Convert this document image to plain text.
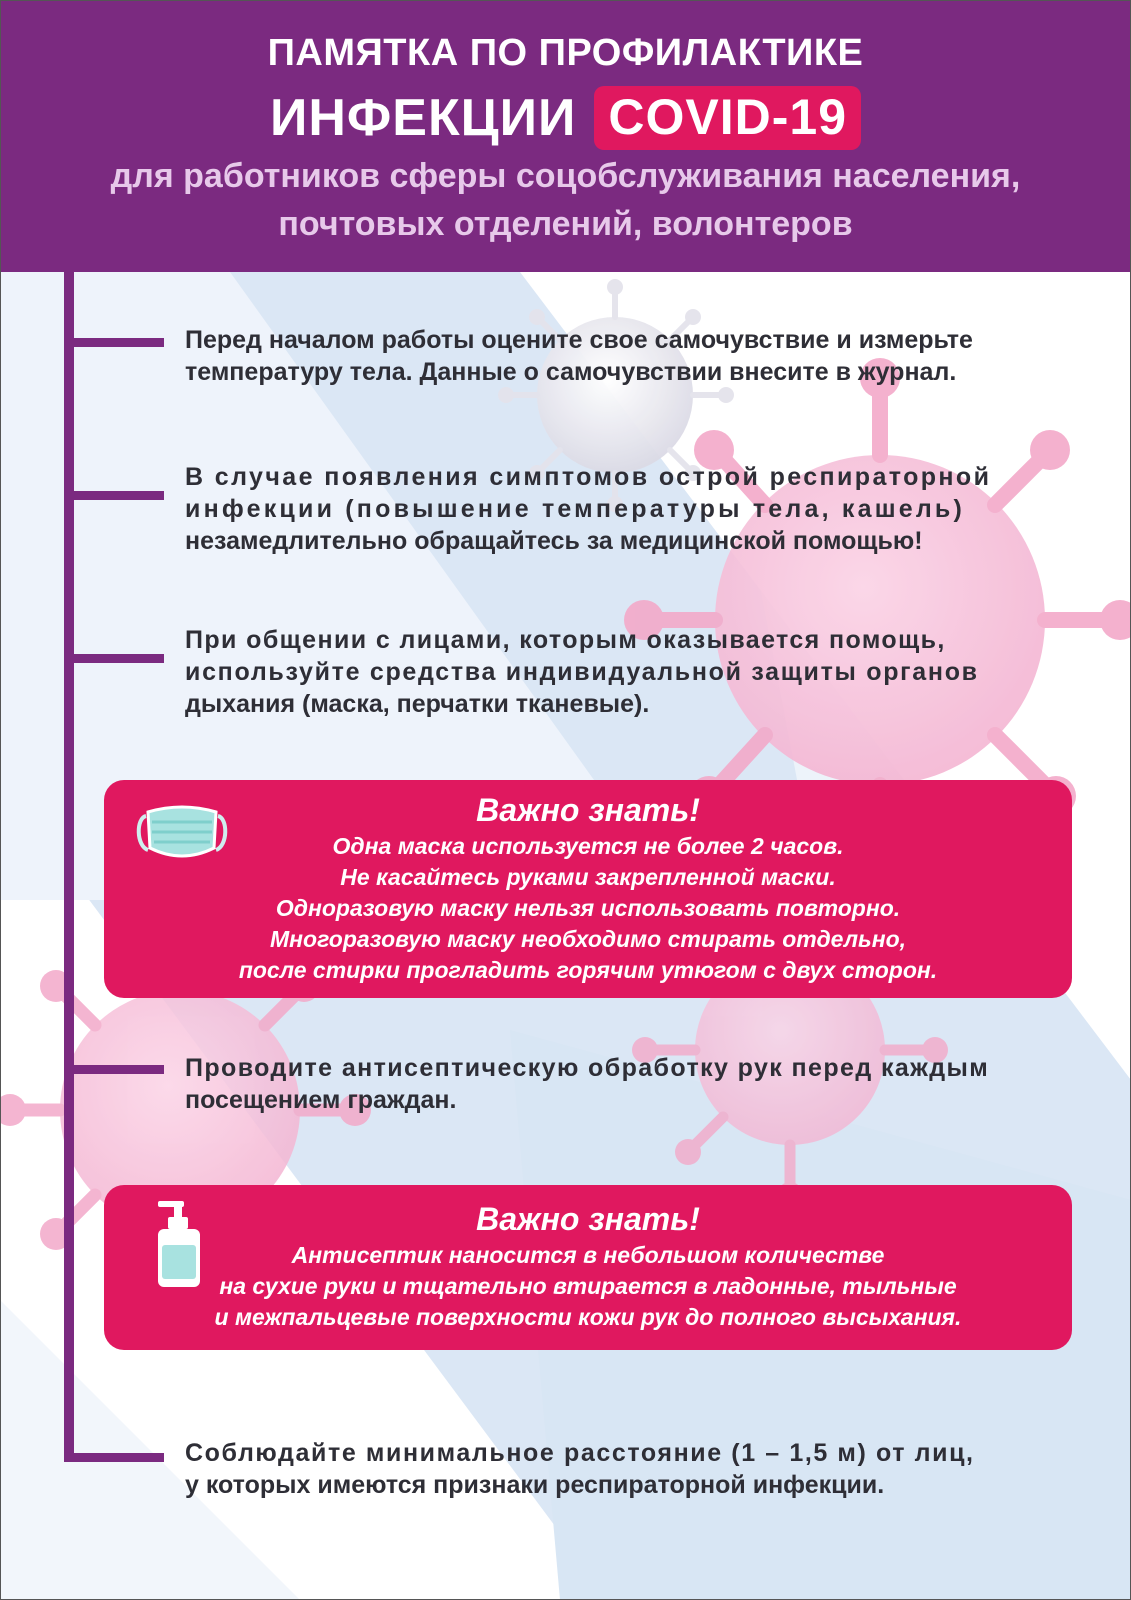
ПАМЯТКА ПО ПРОФИЛАКТИКЕ
ИНФЕКЦИИ COVID-19
для работников сферы соцобслуживания населения,
почтовых отделений, волонтеров
Перед началом работы оцените свое самочувствие и измерьте
температуру тела. Данные о самочувствии внесите в журнал.
В случае появления симптомов острой респираторной
инфекции (повышение температуры тела, кашель)
незамедлительно обращайтесь за медицинской помощью!
При общении с лицами, которым оказывается помощь,
используйте средства индивидуальной защиты органов
дыхания (маска, перчатки тканевые).
Важно знать!
Одна маска используется не более 2 часов.
Не касайтесь руками закрепленной маски.
Одноразовую маску нельзя использовать повторно.
Многоразовую маску необходимо стирать отдельно,
после стирки прогладить горячим утюгом с двух сторон.
Проводите антисептическую обработку рук перед каждым
посещением граждан.
Важно знать!
Антисептик наносится в небольшом количестве
на сухие руки и тщательно втирается в ладонные, тыльные
и межпальцевые поверхности кожи рук до полного высыхания.
Соблюдайте минимальное расстояние (1 – 1,5 м) от лиц,
у которых имеются признаки респираторной инфекции.
